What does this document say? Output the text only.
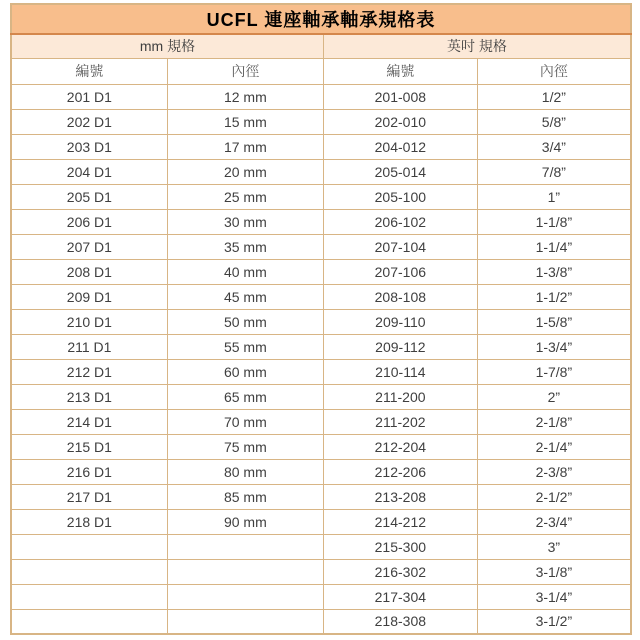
UCFL 連座軸承軸承規格表			
mm 規格		英吋 規格	
編號	內徑	編號	內徑
201 D1	12 mm	201-008	1/2”
202 D1	15 mm	202-010	5/8”
203 D1	17 mm	204-012	3/4”
204 D1	20 mm	205-014	7/8”
205 D1	25 mm	205-100	1”
206 D1	30 mm	206-102	1-1/8”
207 D1	35 mm	207-104	1-1/4”
208 D1	40 mm	207-106	1-3/8”
209 D1	45 mm	208-108	1-1/2”
210 D1	50 mm	209-110	1-5/8”
211 D1	55 mm	209-112	1-3/4”
212 D1	60 mm	210-114	1-7/8”
213 D1	65 mm	211-200	2”
214 D1	70 mm	211-202	2-1/8”
215 D1	75 mm	212-204	2-1/4”
216 D1	80 mm	212-206	2-3/8”
217 D1	85 mm	213-208	2-1/2”
218 D1	90 mm	214-212	2-3/4”
		215-300	3”
		216-302	3-1/8”
		217-304	3-1/4”
		218-308	3-1/2”
